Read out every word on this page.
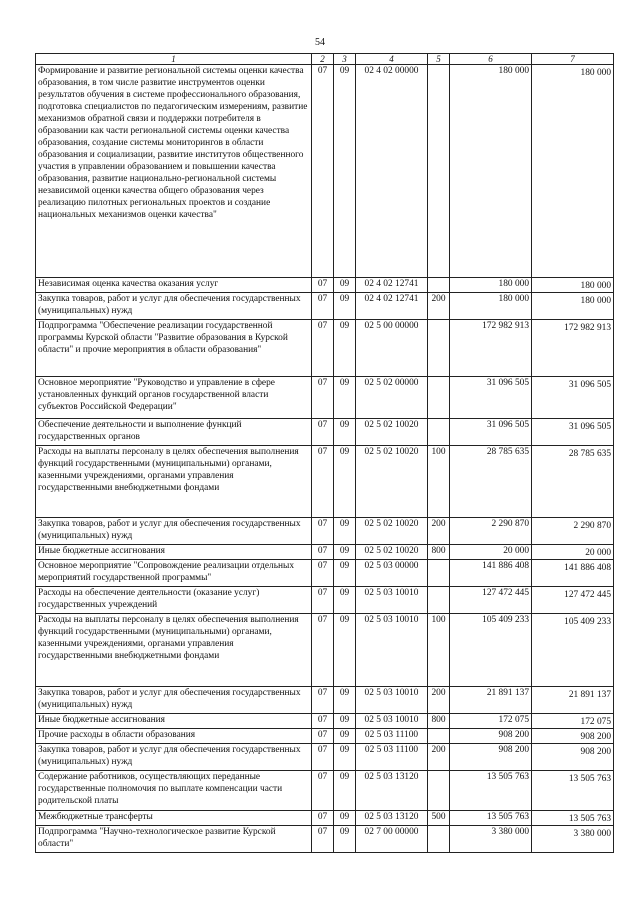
54
1	2	3	4	5	6	7
Формирование и развитие региональной системы оценки качества образования, в том числе развитие инструментов оценки результатов обучения в системе профессионального образования, подготовка специалистов по педагогическим измерениям, развитие механизмов обратной связи и поддержки потребителя в образовании как части региональной системы оценки качества образования, создание системы мониторингов в области образования и социализации, развитие институтов общественного участия в управлении образованием и повышении качества образования, развитие национально-региональной системы независимой оценки качества общего образования через реализацию пилотных региональных проектов и создание национальных механизмов оценки качества"	07	09	02 4 02 00000		180 000	180 000

Независимая оценка качества оказания услуг	07	09	02 4 02 12741		180 000	180 000

Закупка товаров, работ и услуг для обеспечения государственных (муниципальных) нужд	07	09	02 4 02 12741	200	180 000	180 000

Подпрограмма "Обеспечение реализации государственной программы Курской области "Развитие образования в Курской области" и прочие мероприятия в области образования"	07	09	02 5 00 00000		172 982 913	172 982 913

Основное мероприятие "Руководство и управление в сфере установленных функций органов государственной власти субъектов Российской Федерации"	07	09	02 5 02 00000		31 096 505	31 096 505

Обеспечение деятельности и выполнение функций государственных органов	07	09	02 5 02 10020		31 096 505	31 096 505

Расходы на выплаты персоналу в целях обеспечения выполнения функций государственными (муниципальными) органами, казенными учреждениями, органами управления государственными внебюджетными фондами	07	09	02 5 02 10020	100	28 785 635	28 785 635

Закупка товаров, работ и услуг для обеспечения государственных (муниципальных) нужд	07	09	02 5 02 10020	200	2 290 870	2 290 870

Иные бюджетные ассигнования	07	09	02 5 02 10020	800	20 000	20 000

Основное мероприятие "Сопровождение реализации отдельных мероприятий государственной программы"	07	09	02 5 03 00000		141 886 408	141 886 408

Расходы на обеспечение деятельности (оказание услуг) государственных учреждений	07	09	02 5 03 10010		127 472 445	127 472 445

Расходы на выплаты персоналу в целях обеспечения выполнения функций государственными (муниципальными) органами, казенными учреждениями, органами управления государственными внебюджетными фондами	07	09	02 5 03 10010	100	105 409 233	105 409 233

Закупка товаров, работ и услуг для обеспечения государственных (муниципальных) нужд	07	09	02 5 03 10010	200	21 891 137	21 891 137

Иные бюджетные ассигнования	07	09	02 5 03 10010	800	172 075	172 075

Прочие расходы в области образования	07	09	02 5 03 11100		908 200	908 200

Закупка товаров, работ и услуг для обеспечения государственных (муниципальных) нужд	07	09	02 5 03 11100	200	908 200	908 200

Содержание работников, осуществляющих переданные государственные полномочия по выплате компенсации части родительской платы	07	09	02 5 03 13120		13 505 763	13 505 763

Межбюджетные трансферты	07	09	02 5 03 13120	500	13 505 763	13 505 763

Подпрограмма "Научно-технологическое развитие Курской области"	07	09	02 7 00 00000		3 380 000	3 380 000
